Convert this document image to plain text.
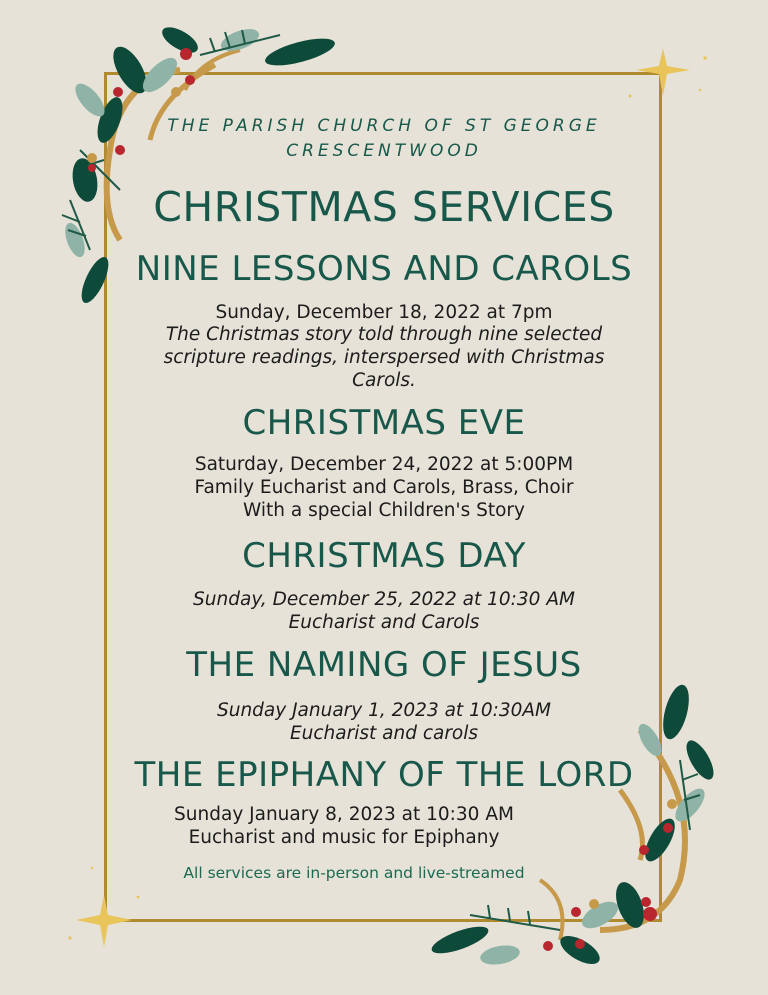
THE PARISH CHURCH OF ST GEORGE

CRESCENTWOOD

CHRISTMAS SERVICES
NINE LESSONS AND CAROLS

Sunday, December 18, 2022 at 7pm

The Christmas story told through nine selected

scripture readings, interspersed with Christmas

Carols.

CHRISTMAS EVE

Saturday, December 24, 2022 at 5:00PM

Family Eucharist and Carols, Brass, Choir

With a special Children's Story

CHRISTMAS DAY

Sunday, December 25, 2022 at 10:30 AM

Eucharist and Carols

THE NAMING OF JESUS

Sunday January 1, 2023 at 10:30AM

Eucharist and carols

THE EPIPHANY OF THE LORD

Sunday January 8, 2023 at 10:30 AM

Eucharist and music for Epiphany

All services are in-person and live-streamed
